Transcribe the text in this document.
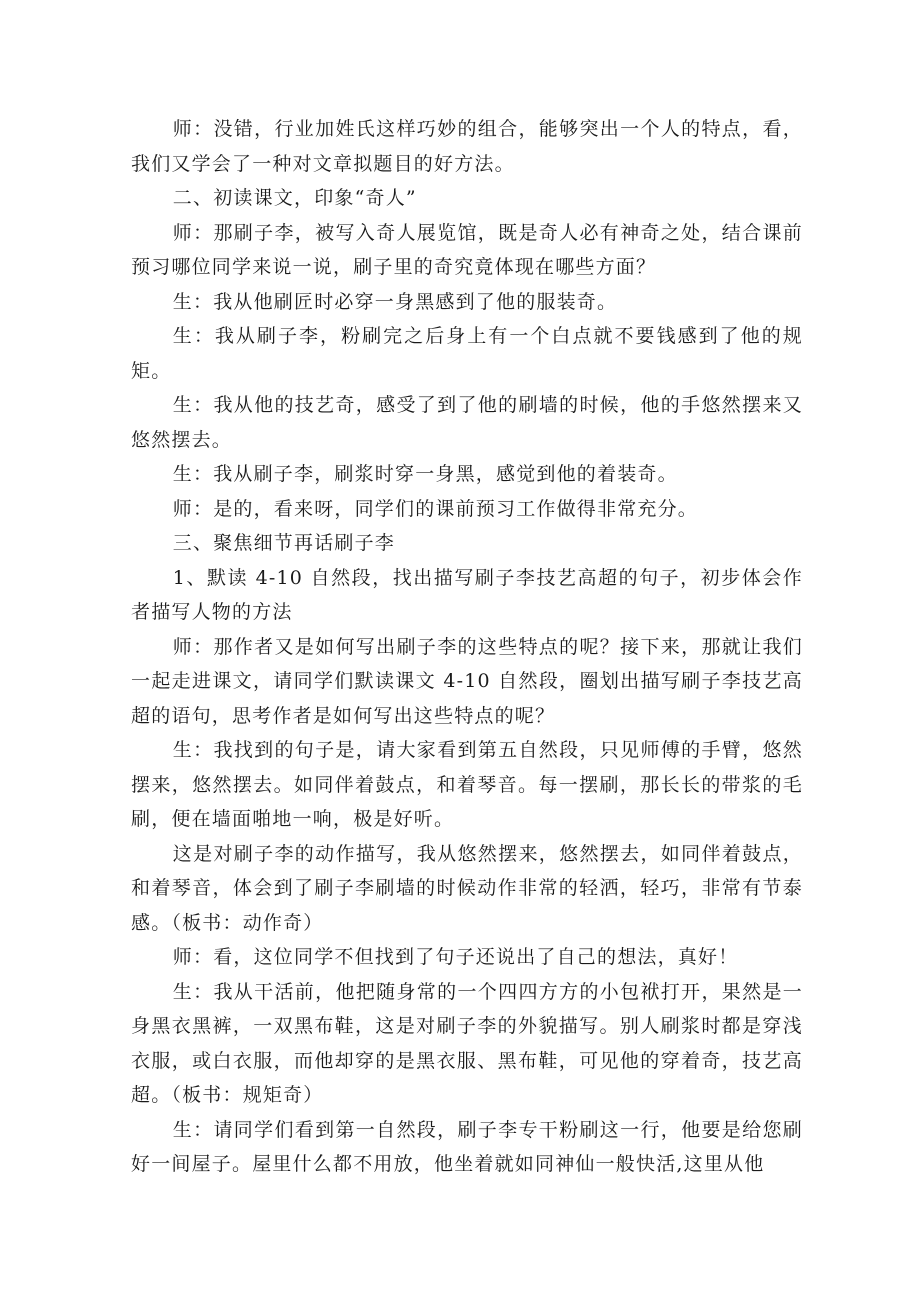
师：没错，行业加姓氏这样巧妙的组合，能够突出一个人的特点，看，我们又学会了一种对文章拟题目的好方法。

二、初读课文，印象“奇人”

师：那刷子李，被写入奇人展览馆，既是奇人必有神奇之处，结合课前预习哪位同学来说一说，刷子里的奇究竟体现在哪些方面？

生：我从他刷匠时必穿一身黑感到了他的服装奇。

生：我从刷子李，粉刷完之后身上有一个白点就不要钱感到了他的规矩。

生：我从他的技艺奇，感受了到了他的刷墙的时候，他的手悠然摆来又悠然摆去。

生：我从刷子李，刷浆时穿一身黑，感觉到他的着装奇。

师：是的，看来呀，同学们的课前预习工作做得非常充分。

三、聚焦细节再话刷子李

1、默读 4-10 自然段，找出描写刷子李技艺高超的句子，初步体会作者描写人物的方法

师：那作者又是如何写出刷子李的这些特点的呢？接下来，那就让我们一起走进课文，请同学们默读课文 4-10 自然段，圈划出描写刷子李技艺高超的语句，思考作者是如何写出这些特点的呢？

生：我找到的句子是，请大家看到第五自然段，只见师傅的手臂，悠然摆来，悠然摆去。如同伴着鼓点，和着琴音。每一摆刷，那长长的带浆的毛刷，便在墙面啪地一响，极是好听。

这是对刷子李的动作描写，我从悠然摆来，悠然摆去，如同伴着鼓点，和着琴音，体会到了刷子李刷墙的时候动作非常的轻洒，轻巧，非常有节泰感。（板书：动作奇）

师：看，这位同学不但找到了句子还说出了自己的想法，真好！

生：我从干活前，他把随身常的一个四四方方的小包袱打开，果然是一身黑衣黑裤，一双黑布鞋，这是对刷子李的外貌描写。别人刷浆时都是穿浅衣服，或白衣服，而他却穿的是黑衣服、黑布鞋，可见他的穿着奇，技艺高超。（板书：规矩奇）

生：请同学们看到第一自然段，刷子李专干粉刷这一行，他要是给您刷好一间屋子。屋里什么都不用放，他坐着就如同神仙一般快活,这里从他
